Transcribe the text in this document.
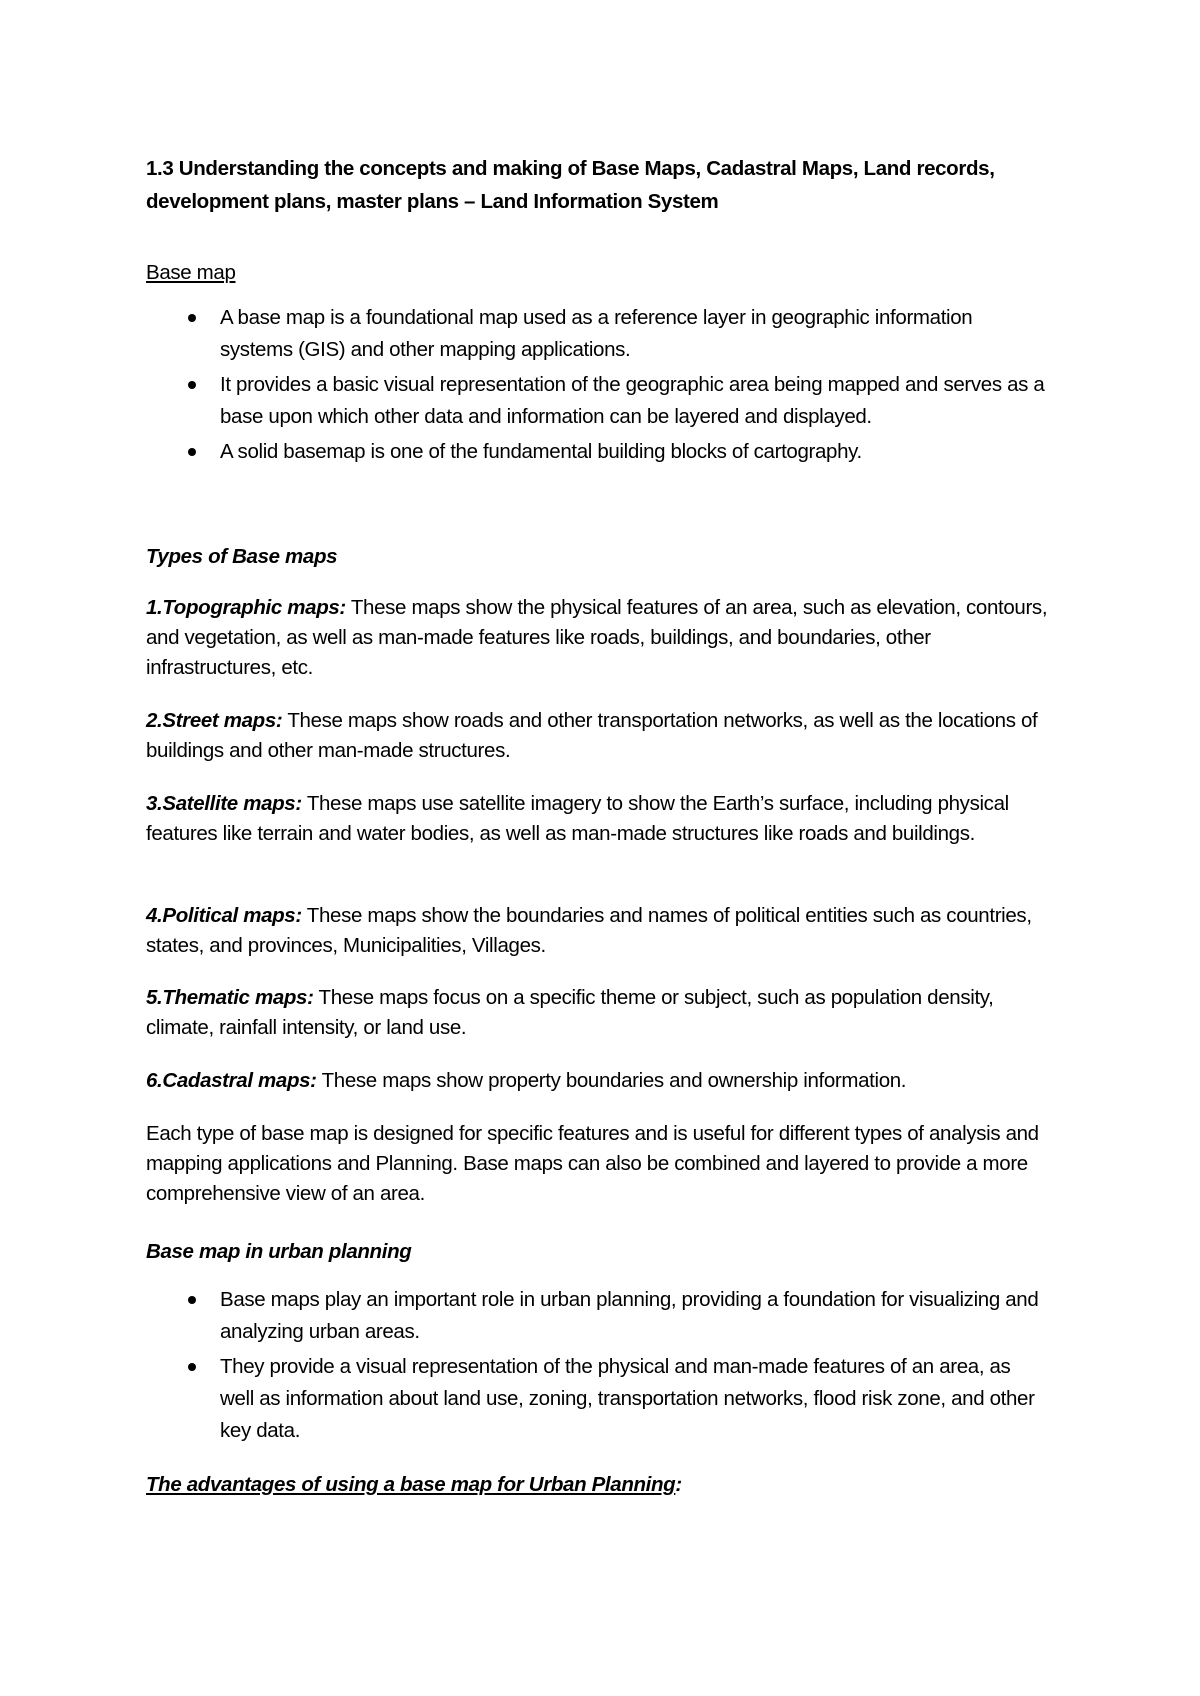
1.3 Understanding the concepts and making of Base Maps, Cadastral Maps, Land records, development plans, master plans – Land Information System

Base map
A base map is a foundational map used as a reference layer in geographic information systems (GIS) and other mapping applications.
It provides a basic visual representation of the geographic area being mapped and serves as a base upon which other data and information can be layered and displayed.
A solid basemap is one of the fundamental building blocks of cartography.
Types of Base maps

1.Topographic maps: These maps show the physical features of an area, such as elevation, contours, and vegetation, as well as man-made features like roads, buildings, and boundaries, other infrastructures, etc.

2.Street maps: These maps show roads and other transportation networks, as well as the locations of buildings and other man-made structures.

3.Satellite maps: These maps use satellite imagery to show the Earth’s surface, including physical features like terrain and water bodies, as well as man-made structures like roads and buildings.

4.Political maps: These maps show the boundaries and names of political entities such as countries, states, and provinces, Municipalities, Villages.

5.Thematic maps: These maps focus on a specific theme or subject, such as population density, climate, rainfall intensity, or land use.

6.Cadastral maps: These maps show property boundaries and ownership information.

Each type of base map is designed for specific features and is useful for different types of analysis and mapping applications and Planning. Base maps can also be combined and layered to provide a more comprehensive view of an area.

Base map in urban planning
Base maps play an important role in urban planning, providing a foundation for visualizing and analyzing urban areas.
They provide a visual representation of the physical and man-made features of an area, as well as information about land use, zoning, transportation networks, flood risk zone, and other key data.
The advantages of using a base map for Urban Planning:
